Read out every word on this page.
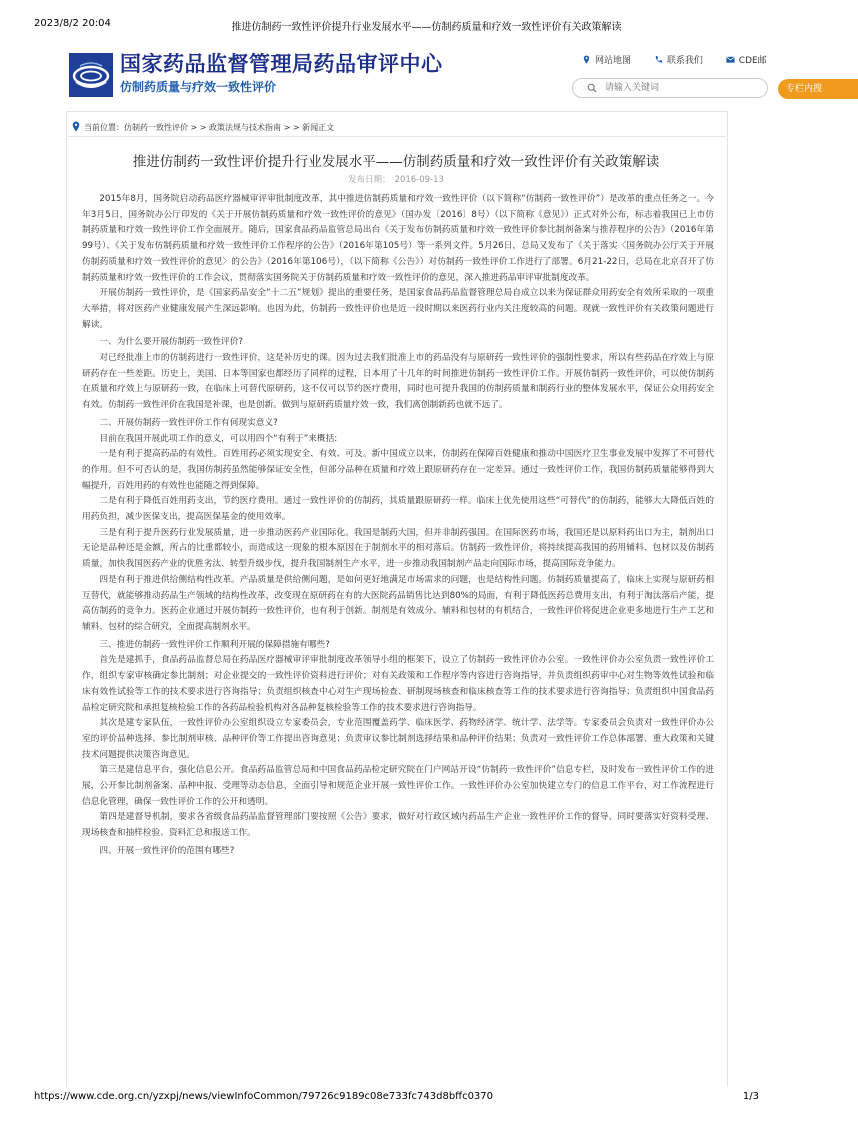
2023/8/2 20:04	推进仿制药一致性评价提升行业发展水平——仿制药质量和疗效一致性评价有关政策解读
国家药品监督管理局药品审评中心
仿制药质量与疗效一致性评价
网站地图	联系我们	CDE邮
请输入关键词
专栏内搜
当前位置：仿制药一致性评价 > > 政策法规与技术指南 > > 新闻正文
推进仿制药一致性评价提升行业发展水平——仿制药质量和疗效一致性评价有关政策解读
发布日期： 2016-09-13

2015年8月，国务院启动药品医疗器械审评审批制度改革，其中推进仿制药质量和疗效一致性评价（以下简称“仿制药一致性评价”）是改革的重点任务之一。今年3月5日，国务院办公厅印发的《关于开展仿制药质量和疗效一致性评价的意见》（国办发〔2016〕8号）（以下简称《意见》）正式对外公布，标志着我国已上市仿制药质量和疗效一致性评价工作全面展开。随后，国家食品药品监管总局出台《关于发布仿制药质量和疗效一致性评价参比制剂备案与推荐程序的公告》（2016年第99号）、《关于发布仿制药质量和疗效一致性评价工作程序的公告》（2016年第105号）等一系列文件。5月26日，总局又发布了《关于落实〈国务院办公厅关于开展仿制药质量和疗效一致性评价的意见〉的公告》（2016年第106号），（以下简称《公告》）对仿制药一致性评价工作进行了部署。6月21-22日，总局在北京召开了仿制药质量和疗效一致性评价的工作会议，贯彻落实国务院关于仿制药质量和疗效一致性评价的意见，深入推进药品审评审批制度改革。

开展仿制药一致性评价，是《国家药品安全“十二五”规划》提出的重要任务，是国家食品药品监督管理总局自成立以来为保证群众用药安全有效所采取的一项重大举措，将对医药产业健康发展产生深远影响。也因为此，仿制药一致性评价也是近一段时期以来医药行业内关注度较高的问题。现就一致性评价有关政策问题进行解读。

一、为什么要开展仿制药一致性评价?

对已经批准上市的仿制药进行一致性评价，这是补历史的课。因为过去我们批准上市的药品没有与原研药一致性评价的强制性要求，所以有些药品在疗效上与原研药存在一些差距。历史上，美国、日本等国家也都经历了同样的过程，日本用了十几年的时间推进仿制药一致性评价工作。开展仿制药一致性评价，可以使仿制药在质量和疗效上与原研药一致，在临床上可替代原研药，这不仅可以节约医疗费用，同时也可提升我国的仿制药质量和制药行业的整体发展水平，保证公众用药安全有效。仿制药一致性评价在我国是补课，也是创新。做到与原研药质量疗效一致，我们离创制新药也就不远了。

二、开展仿制药一致性评价工作有何现实意义?

目前在我国开展此项工作的意义，可以用四个“有利于”来概括:

一是有利于提高药品的有效性。百姓用药必须实现安全、有效、可及。新中国成立以来，仿制药在保障百姓健康和推动中国医疗卫生事业发展中发挥了不可替代的作用。但不可否认的是，我国仿制药虽然能够保证安全性，但部分品种在质量和疗效上跟原研药存在一定差异。通过一致性评价工作，我国仿制药质量能够得到大幅提升，百姓用药的有效性也能随之得到保障。

二是有利于降低百姓用药支出，节约医疗费用。通过一致性评价的仿制药，其质量跟原研药一样。临床上优先使用这些“可替代”的仿制药，能够大大降低百姓的用药负担，减少医保支出，提高医保基金的使用效率。

三是有利于提升医药行业发展质量，进一步推动医药产业国际化。我国是制药大国，但并非制药强国。在国际医药市场，我国还是以原料药出口为主，制剂出口无论是品种还是金额，所占的比重都较小，而造成这一现象的根本原因在于制剂水平的相对落后。仿制药一致性评价，将持续提高我国的药用辅料、包材以及仿制药质量，加快我国医药产业的优胜劣汰、转型升级步伐，提升我国制剂生产水平，进一步推动我国制剂产品走向国际市场，提高国际竞争能力。

四是有利于推进供给侧结构性改革。产品质量是供给侧问题，是如何更好地满足市场需求的问题，也是结构性问题。仿制药质量提高了，临床上实现与原研药相互替代，就能够推动药品生产领域的结构性改革，改变现在原研药在有的大医院药品销售比达到80%的局面，有利于降低医药总费用支出，有利于淘汰落后产能，提高仿制药的竞争力。医药企业通过开展仿制药一致性评价，也有利于创新。制剂是有效成分、辅料和包材的有机结合，一致性评价将促进企业更多地进行生产工艺和辅料、包材的综合研究，全面提高制剂水平。

三、推进仿制药一致性评价工作顺利开展的保障措施有哪些?

首先是建抓手，食品药品监督总局在药品医疗器械审评审批制度改革领导小组的框架下，设立了仿制药一致性评价办公室。一致性评价办公室负责一致性评价工作，组织专家审核确定参比制剂；对企业提交的一致性评价资料进行评价；对有关政策和工作程序等内容进行咨询指导，并负责组织药审中心对生物等效性试验和临床有效性试验等工作的技术要求进行咨询指导；负责组织核查中心对生产现场检查、研制现场核查和临床核查等工作的技术要求进行咨询指导；负责组织中国食品药品检定研究院和承担复核检验工作的各药品检验机构对各品种复核检验等工作的技术要求进行咨询指导。

其次是建专家队伍，一致性评价办公室组织设立专家委员会，专业范围覆盖药学、临床医学、药物经济学、统计学、法学等。专家委员会负责对一致性评价办公室的评价品种选择、参比制剂审核、品种评价等工作提出咨询意见；负责审议参比制剂选择结果和品种评价结果；负责对一致性评价工作总体部署、重大政策和关键技术问题提供决策咨询意见。

第三是建信息平台，强化信息公开。食品药品监管总局和中国食品药品检定研究院在门户网站开设“仿制药一致性评价”信息专栏，及时发布一致性评价工作的进展，公开参比制剂备案、品种申报、受理等动态信息，全面引导和规范企业开展一致性评价工作。一致性评价办公室加快建立专门的信息工作平台，对工作流程进行信息化管理，确保一致性评价工作的公开和透明。

第四是建督导机制，要求各省级食品药品监督管理部门要按照《公告》要求，做好对行政区域内药品生产企业一致性评价工作的督导，同时要落实好资料受理、现场核查和抽样检验、资料汇总和报送工作。

四、开展一致性评价的范围有哪些?

https://www.cde.org.cn/yzxpj/news/viewInfoCommon/79726c9189c08e733fc743d8bffc0370	1/3
